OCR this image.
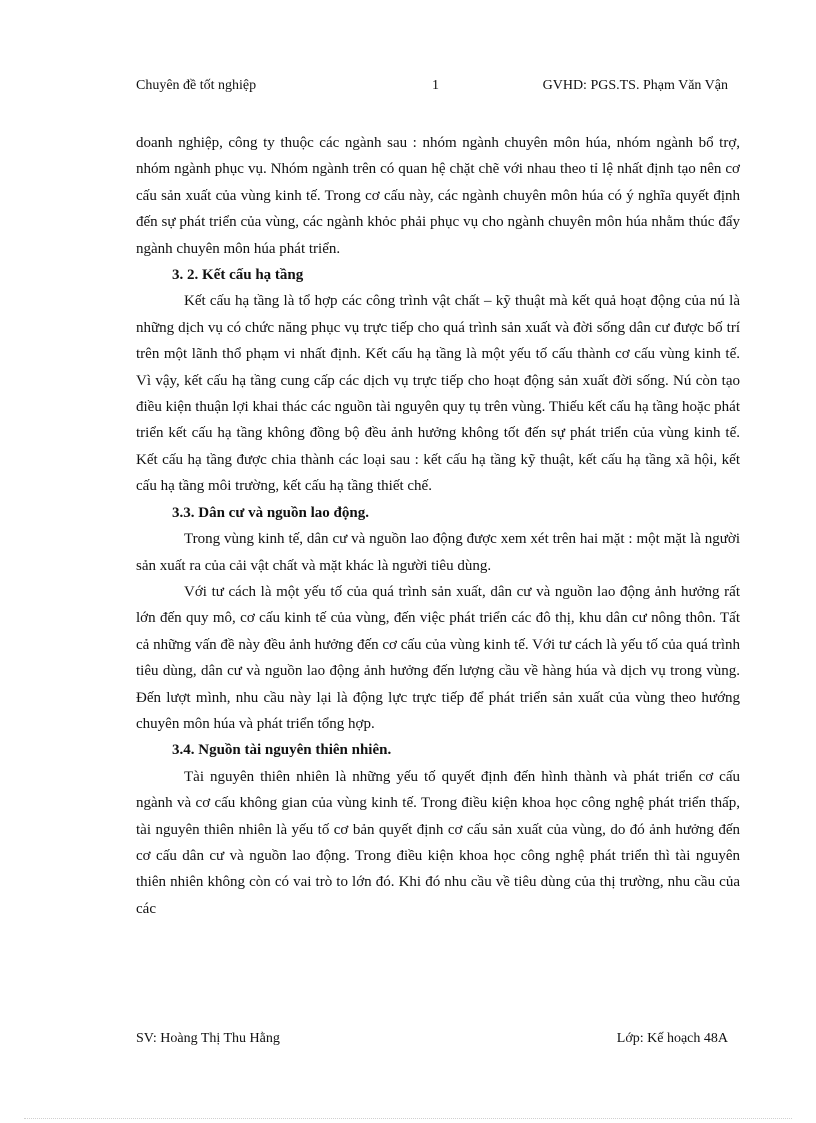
Chuyên đề tốt nghiệp	1	GVHD: PGS.TS. Phạm Văn Vận

doanh nghiệp, công ty thuộc các ngành sau : nhóm ngành chuyên môn húa, nhóm ngành bổ trợ, nhóm ngành phục vụ. Nhóm ngành trên có quan hệ chặt chẽ với nhau theo tỉ lệ nhất định tạo nên cơ cấu sản xuất của vùng kinh tế. Trong cơ cấu này, các ngành chuyên môn húa có ý nghĩa quyết định đến sự phát triển của vùng, các ngành khỏc phải phục vụ cho ngành chuyên môn húa nhằm thúc đẩy ngành chuyên môn húa phát triển.

3. 2. Kết cấu hạ tầng

Kết cấu hạ tầng là tổ hợp các công trình vật chất – kỹ thuật mà kết quả hoạt động của nú là những dịch vụ có chức năng phục vụ trực tiếp cho quá trình sản xuất và đời sống dân cư được bố trí trên một lãnh thổ phạm vi nhất định. Kết cấu hạ tầng là một yếu tố cấu thành cơ cấu vùng kinh tế. Vì vậy, kết cấu hạ tầng cung cấp các dịch vụ trực tiếp cho hoạt động sản xuất đời sống. Nú còn tạo điều kiện thuận lợi khai thác các nguồn tài nguyên quy tụ trên vùng. Thiếu kết cấu hạ tầng hoặc phát triển kết cấu hạ tầng không đồng bộ đều ảnh hưởng không tốt đến sự phát triển của vùng kinh tế. Kết cấu hạ tầng được chia thành các loại sau : kết cấu hạ tầng kỹ thuật, kết cấu hạ tầng xã hội, kết cấu hạ tầng môi trường, kết cấu hạ tầng thiết chế.

3.3. Dân cư và nguồn lao động.

Trong vùng kinh tế, dân cư và nguồn lao động được xem xét trên hai mặt : một mặt là người sản xuất ra của cải vật chất và mặt khác là người tiêu dùng.

Với tư cách là một yếu tố của quá trình sản xuất, dân cư và nguồn lao động ảnh hưởng rất lớn đến quy mô, cơ cấu kinh tế của vùng, đến việc phát triển các đô thị, khu dân cư nông thôn. Tất cả những vấn đề này đều ảnh hưởng đến cơ cấu của vùng kinh tế. Với tư cách là yếu tố của quá trình tiêu dùng, dân cư và nguồn lao động ảnh hưởng đến lượng cầu về hàng húa và dịch vụ trong vùng. Đến lượt mình, nhu cầu này lại là động lực trực tiếp để phát triển sản xuất của vùng theo hướng chuyên môn húa và phát triển tổng hợp.

3.4. Nguồn tài nguyên thiên nhiên.

Tài nguyên thiên nhiên là những yếu tố quyết định đến hình thành và phát triển cơ cấu ngành và cơ cấu không gian của vùng kinh tế. Trong điều kiện khoa học công nghệ phát triển thấp, tài nguyên thiên nhiên là yếu tố cơ bản quyết định cơ cấu sản xuất của vùng, do đó ảnh hưởng đến cơ cấu dân cư và nguồn lao động. Trong điều kiện khoa học công nghệ phát triển thì tài nguyên thiên nhiên không còn có vai trò to lớn đó. Khi đó nhu cầu về tiêu dùng của thị trường, nhu cầu của các

SV: Hoàng Thị Thu Hằng	Lớp: Kế hoạch 48A
